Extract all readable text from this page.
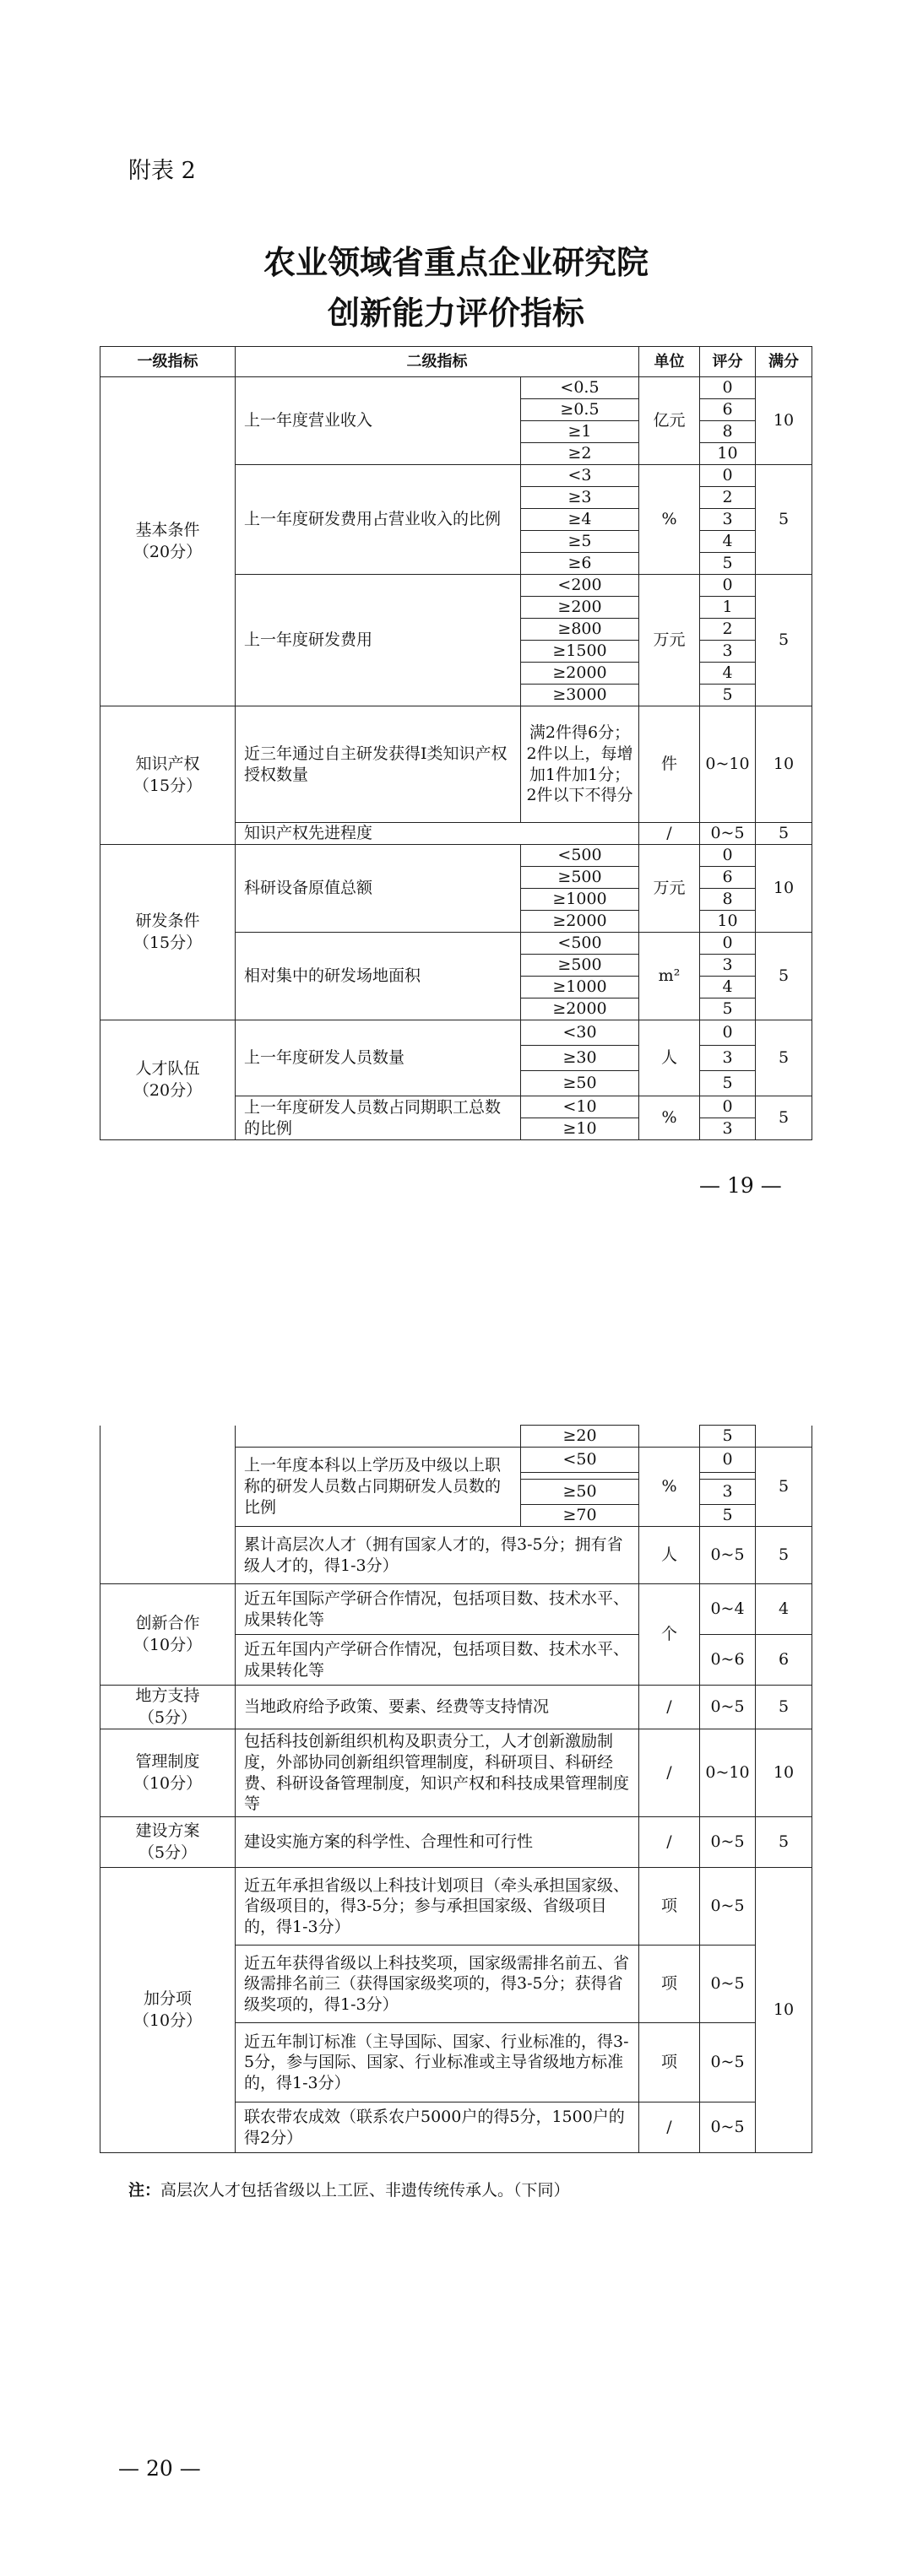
附表 2
农业领域省重点企业研究院
创新能力评价指标
一级指标	二级指标		单位	评分	满分

基本条件
（20分）	上一年度营业收入	<0.5	亿元	0	10
		≥0.5		6	
		≥1		8	
		≥2		10	
	上一年度研发费用占营业收入的比例	<3	%	0	5
		≥3		2	
		≥4		3	
		≥5		4	
		≥6		5	
	上一年度研发费用	<200	万元	0	5
		≥200		1	
		≥800		2	
		≥1500		3	
		≥2000		4	
		≥3000		5	

知识产权
（15分）	近三年通过自主研发获得I类知识产权授权数量	满2件得6分；2件以上，每增加1件加1分；2件以下不得分	件	0~10	10
	知识产权先进程度		/	0~5	5

研发条件
（15分）	科研设备原值总额	<500	万元	0	10
		≥500		6	
		≥1000		8	
		≥2000		10	
	相对集中的研发场地面积	<500	m²	0	5
		≥500		3	
		≥1000		4	
		≥2000		5	

人才队伍
（20分）	上一年度研发人员数量	<30	人	0	5
		≥30		3	
		≥50		5	
	上一年度研发人员数占同期职工总数的比例	<10	%	0	5
		≥10		3	
— 19 —
		≥20		5	
	上一年度本科以上学历及中级以上职称的研发人员数占同期研发人员数的比例	<50	%	0	5

		≥50		3	
		≥70		5	
	累计高层次人才（拥有国家人才的，得3-5分；拥有省级人才的，得1-3分）		人	0~5	5

创新合作
（10分）	近五年国际产学研合作情况，包括项目数、技术水平、成果转化等		个	0~4	4
	近五年国内产学研合作情况，包括项目数、技术水平、成果转化等			0~6	6

地方支持
（5分）	当地政府给予政策、要素、经费等支持情况		/	0~5	5

管理制度
（10分）	包括科技创新组织机构及职责分工，人才创新激励制度，外部协同创新组织管理制度，科研项目、科研经费、科研设备管理制度，知识产权和科技成果管理制度等		/	0~10	10

建设方案
（5分）	建设实施方案的科学性、合理性和可行性		/	0~5	5

加分项
（10分）	近五年承担省级以上科技计划项目（牵头承担国家级、省级项目的，得3-5分；参与承担国家级、省级项目的，得1-3分）		项	0~5	10
	近五年获得省级以上科技奖项，国家级需排名前五、省级需排名前三（获得国家级奖项的，得3-5分；获得省级奖项的，得1-3分）		项	0~5	
	近五年制订标准（主导国际、国家、行业标准的，得3-5分，参与国际、国家、行业标准或主导省级地方标准的，得1-3分）		项	0~5	
	联农带农成效（联系农户5000户的得5分，1500户的得2分）		/	0~5	
注：高层次人才包括省级以上工匠、非遗传统传承人。（下同）
— 20 —
